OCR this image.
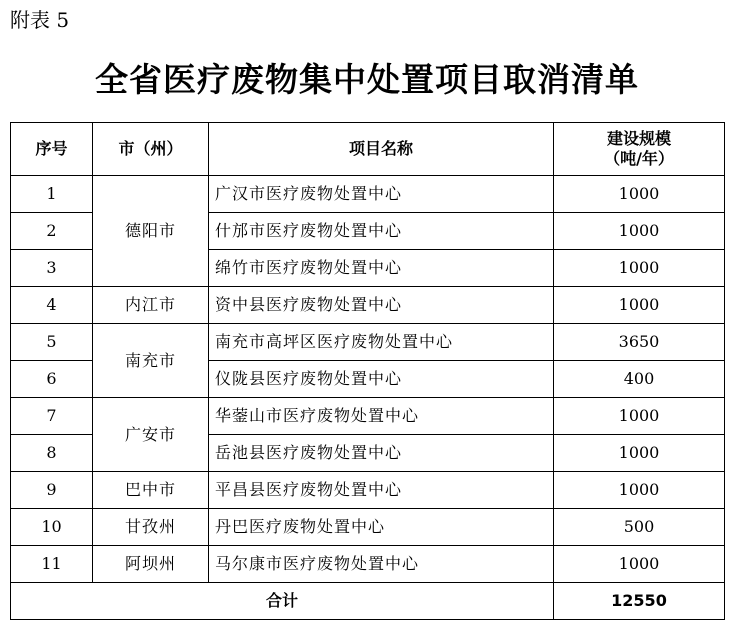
附表 5
全省医疗废物集中处置项目取消清单
序号	市（州）	项目名称	建设规模
（吨/年）

1	德阳市	广汉市医疗废物处置中心	1000
2		什邡市医疗废物处置中心	1000
3		绵竹市医疗废物处置中心	1000
4	内江市	资中县医疗废物处置中心	1000
5	南充市	南充市高坪区医疗废物处置中心	3650
6		仪陇县医疗废物处置中心	400
7	广安市	华蓥山市医疗废物处置中心	1000
8		岳池县医疗废物处置中心	1000
9	巴中市	平昌县医疗废物处置中心	1000
10	甘孜州	丹巴医疗废物处置中心	500
11	阿坝州	马尔康市医疗废物处置中心	1000
合计			12550
